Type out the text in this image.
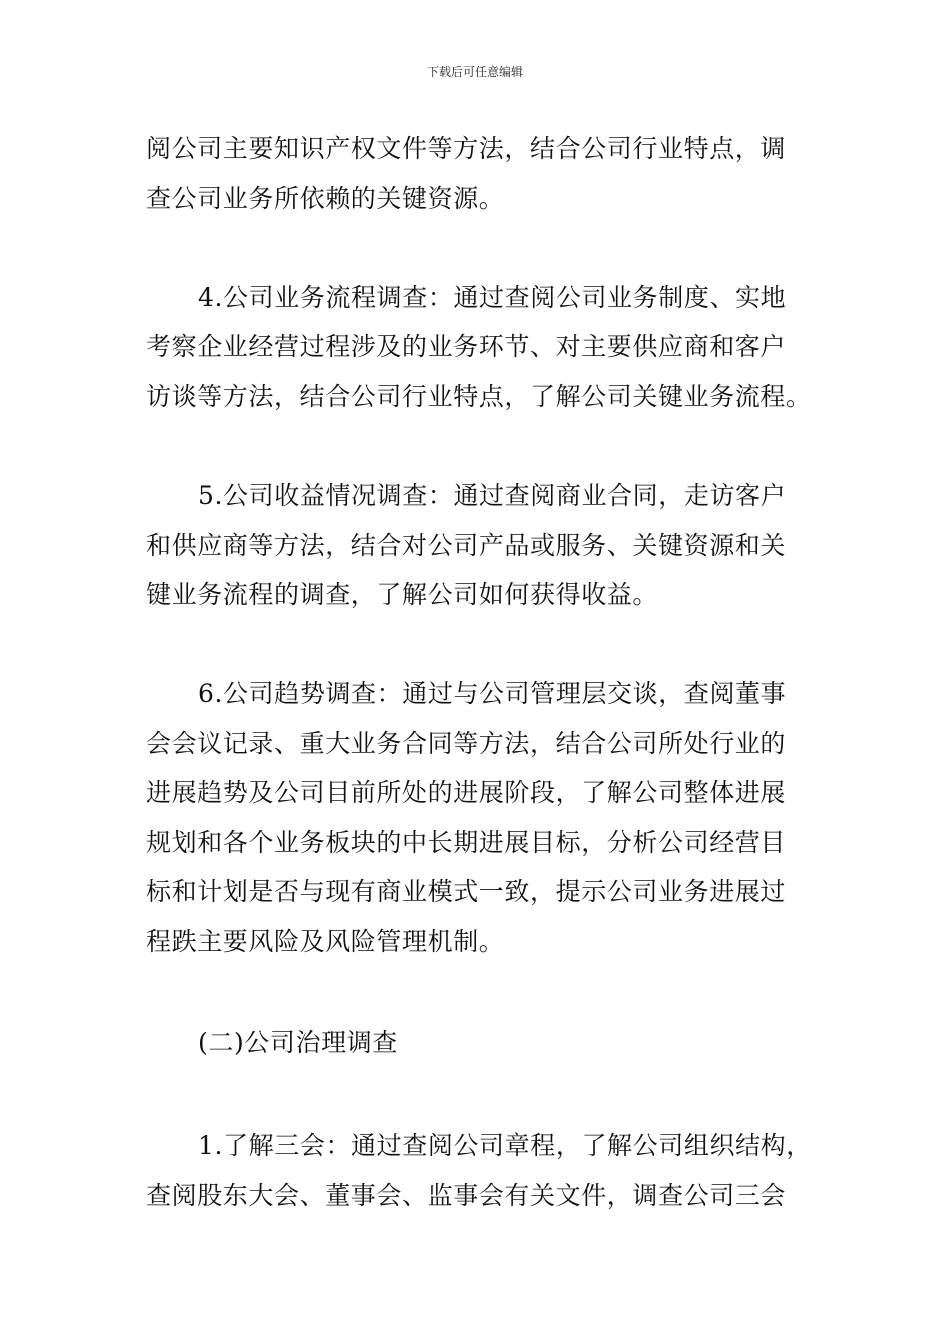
下载后可任意编辑
阅公司主要知识产权文件等方法，结合公司行业特点，调
查公司业务所依赖的关键资源。
4.公司业务流程调查：通过查阅公司业务制度、实地
考察企业经营过程涉及的业务环节、对主要供应商和客户
访谈等方法，结合公司行业特点，了解公司关键业务流程。
5.公司收益情况调查：通过查阅商业合同，走访客户
和供应商等方法，结合对公司产品或服务、关键资源和关
键业务流程的调查，了解公司如何获得收益。
6.公司趋势调查：通过与公司管理层交谈，查阅董事
会会议记录、重大业务合同等方法，结合公司所处行业的
进展趋势及公司目前所处的进展阶段，了解公司整体进展
规划和各个业务板块的中长期进展目标，分析公司经营目
标和计划是否与现有商业模式一致，提示公司业务进展过
程跌主要风险及风险管理机制。
(二)公司治理调查
1.了解三会：通过查阅公司章程，了解公司组织结构，
查阅股东大会、董事会、监事会有关文件，调查公司三会
